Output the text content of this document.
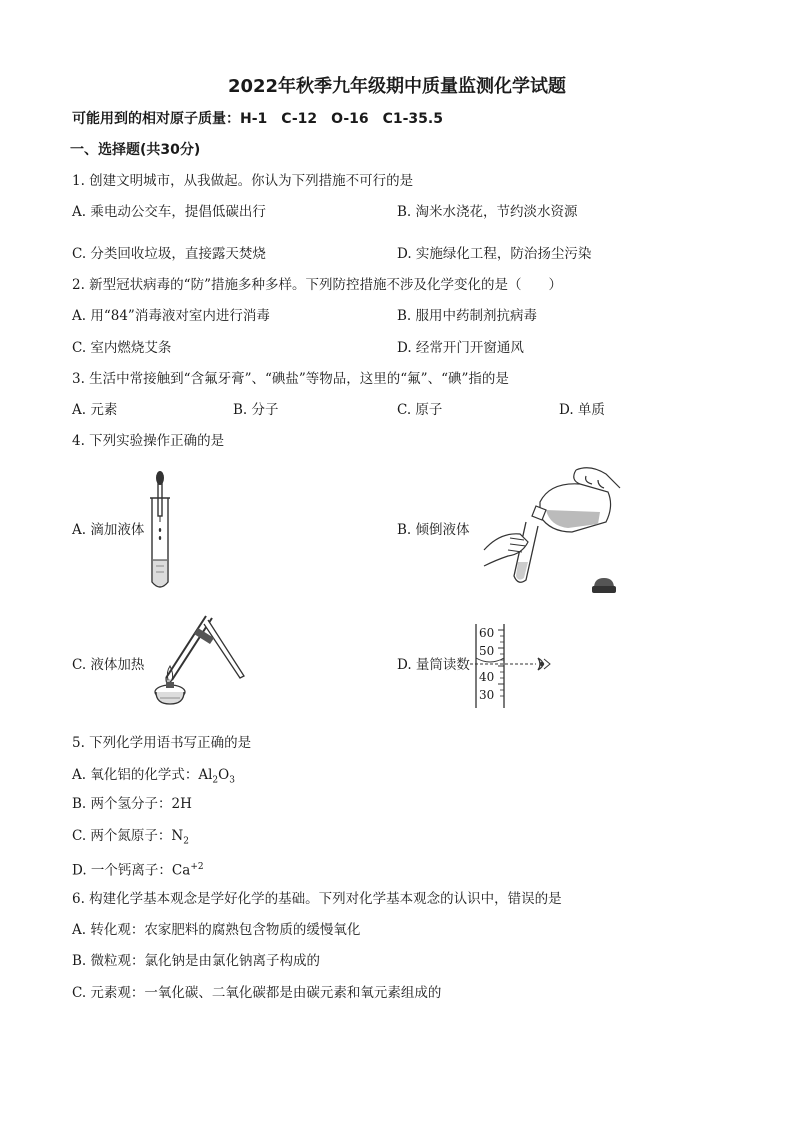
2022年秋季九年级期中质量监测化学试题
可能用到的相对原子质量：H-1　C-12　O-16　C1-35.5
一、选择题(共30分)
1. 创建文明城市，从我做起。你认为下列措施不可行的是
A. 乘电动公交车，提倡低碳出行	B. 淘米水浇花，节约淡水资源
C. 分类回收垃圾，直接露天焚烧	D. 实施绿化工程，防治扬尘污染
2. 新型冠状病毒的“防”措施多种多样。下列防控措施不涉及化学变化的是（　　）
A. 用“84”消毒液对室内进行消毒	B. 服用中药制剂抗病毒
C. 室内燃烧艾条	D. 经常开门开窗通风
3. 生活中常接触到“含氟牙膏”、“碘盐”等物品，这里的“氟”、“碘”指的是
A. 元素	B. 分子	C. 原子	D. 单质
4. 下列实验操作正确的是
A. 滴加液体	B. 倾倒液体
C. 液体加热	D. 量筒读数
60
50
40
30
5. 下列化学用语书写正确的是
A. 氧化铝的化学式：$Al_2O_3$
B. 两个氢分子：2H
C. 两个氮原子：$N_2$
D. 一个钙离子：$Ca^{+2}$
6. 构建化学基本观念是学好化学的基础。下列对化学基本观念的认识中，错误的是
A. 转化观：农家肥料的腐熟包含物质的缓慢氧化
B. 微粒观：氯化钠是由氯化钠离子构成的
C. 元素观：一氧化碳、二氧化碳都是由碳元素和氧元素组成的
